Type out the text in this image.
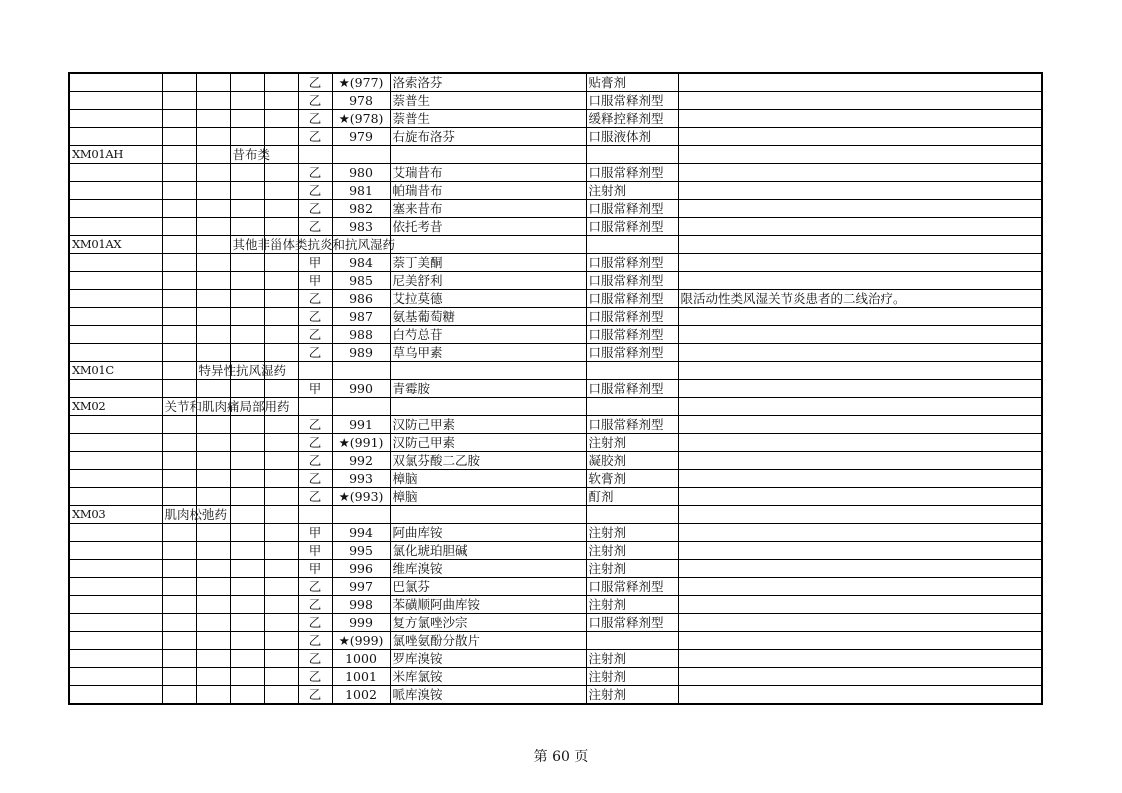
					乙	★(977)	洛索洛芬	贴膏剂	
					乙	978	萘普生	口服常释剂型	
					乙	★(978)	萘普生	缓释控释剂型	
					乙	979	右旋布洛芬	口服液体剂	
XM01AH			昔布类						
					乙	980	艾瑞昔布	口服常释剂型	
					乙	981	帕瑞昔布	注射剂	
					乙	982	塞来昔布	口服常释剂型	
					乙	983	依托考昔	口服常释剂型	
XM01AX			其他非甾体类抗炎和抗风湿药						
					甲	984	萘丁美酮	口服常释剂型	
					甲	985	尼美舒利	口服常释剂型	
					乙	986	艾拉莫德	口服常释剂型	限活动性类风湿关节炎患者的二线治疗。
					乙	987	氨基葡萄糖	口服常释剂型	
					乙	988	白芍总苷	口服常释剂型	
					乙	989	草乌甲素	口服常释剂型	
XM01C		特异性抗风湿药							
					甲	990	青霉胺	口服常释剂型	
XM02	关节和肌肉痛局部用药								
					乙	991	汉防己甲素	口服常释剂型	
					乙	★(991)	汉防己甲素	注射剂	
					乙	992	双氯芬酸二乙胺	凝胶剂	
					乙	993	樟脑	软膏剂	
					乙	★(993)	樟脑	酊剂	
XM03	肌肉松弛药								
					甲	994	阿曲库铵	注射剂	
					甲	995	氯化琥珀胆碱	注射剂	
					甲	996	维库溴铵	注射剂	
					乙	997	巴氯芬	口服常释剂型	
					乙	998	苯磺顺阿曲库铵	注射剂	
					乙	999	复方氯唑沙宗	口服常释剂型	
					乙	★(999)	氯唑氨酚分散片		
					乙	1000	罗库溴铵	注射剂	
					乙	1001	米库氯铵	注射剂	
					乙	1002	哌库溴铵	注射剂	
第 60 页
